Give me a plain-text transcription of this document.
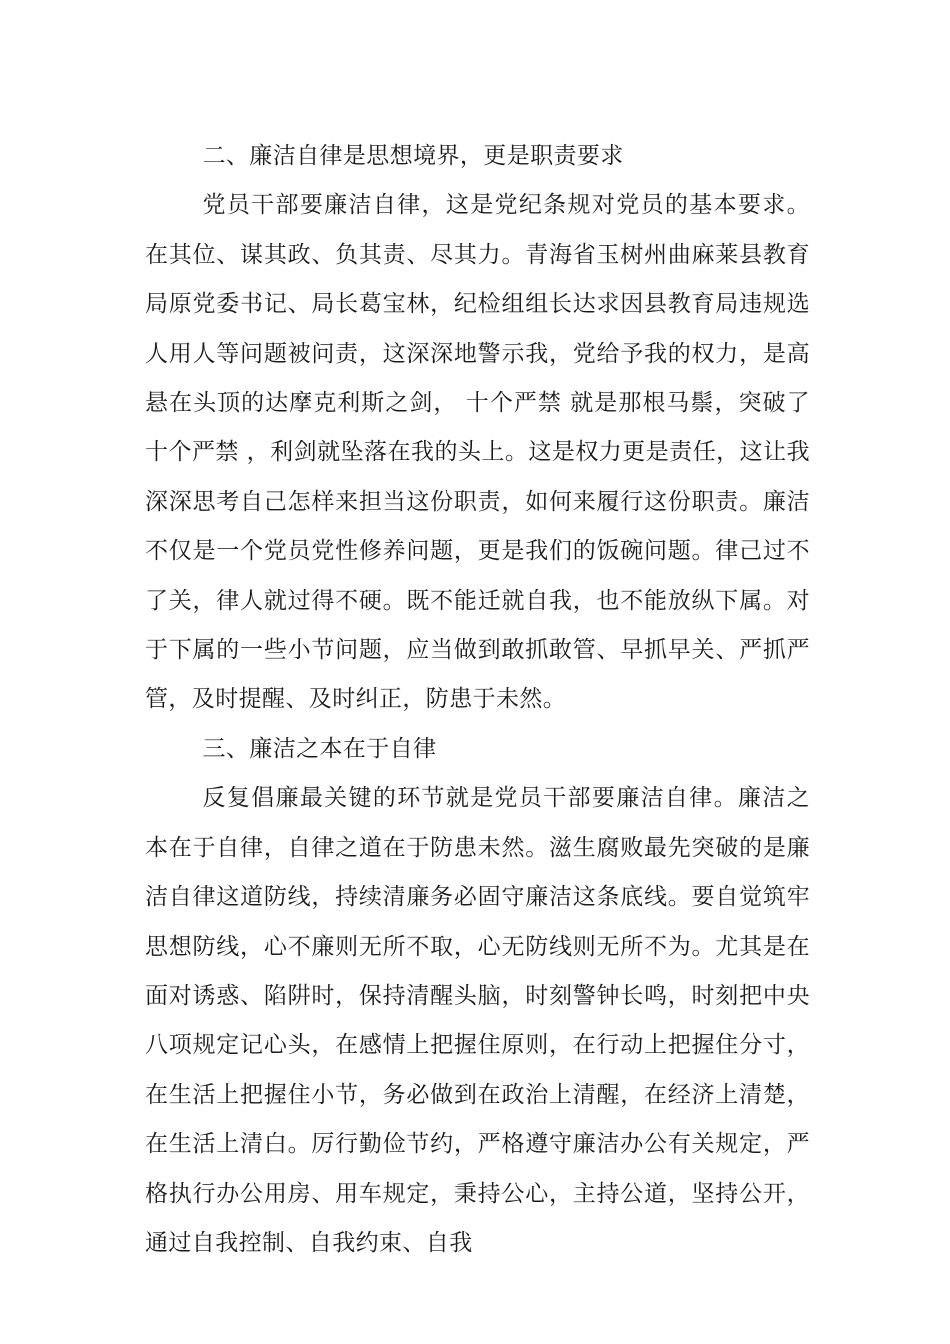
二、廉洁自律是思想境界，更是职责要求

党员干部要廉洁自律，这是党纪条规对党员的基本要求。在其位、谋其政、负其责、尽其力。青海省玉树州曲麻莱县教育局原党委书记、局长葛宝林，纪检组组长达求因县教育局违规选人用人等问题被问责，这深深地警示我，党给予我的权力，是高悬在头顶的达摩克利斯之剑， 十个严禁 就是那根马鬃，突破了 十个严禁 ，利剑就坠落在我的头上。这是权力更是责任，这让我深深思考自己怎样来担当这份职责，如何来履行这份职责。廉洁不仅是一个党员党性修养问题，更是我们的饭碗问题。律己过不了关，律人就过得不硬。既不能迁就自我，也不能放纵下属。对于下属的一些小节问题，应当做到敢抓敢管、早抓早关、严抓严管，及时提醒、及时纠正，防患于未然。

三、廉洁之本在于自律

反复倡廉最关键的环节就是党员干部要廉洁自律。廉洁之本在于自律，自律之道在于防患未然。滋生腐败最先突破的是廉洁自律这道防线，持续清廉务必固守廉洁这条底线。要自觉筑牢思想防线，心不廉则无所不取，心无防线则无所不为。尤其是在面对诱惑、陷阱时，保持清醒头脑，时刻警钟长鸣，时刻把中央八项规定记心头，在感情上把握住原则，在行动上把握住分寸，在生活上把握住小节，务必做到在政治上清醒，在经济上清楚，在生活上清白。厉行勤俭节约，严格遵守廉洁办公有关规定，严格执行办公用房、用车规定，秉持公心，主持公道，坚持公开，通过自我控制、自我约束、自我
